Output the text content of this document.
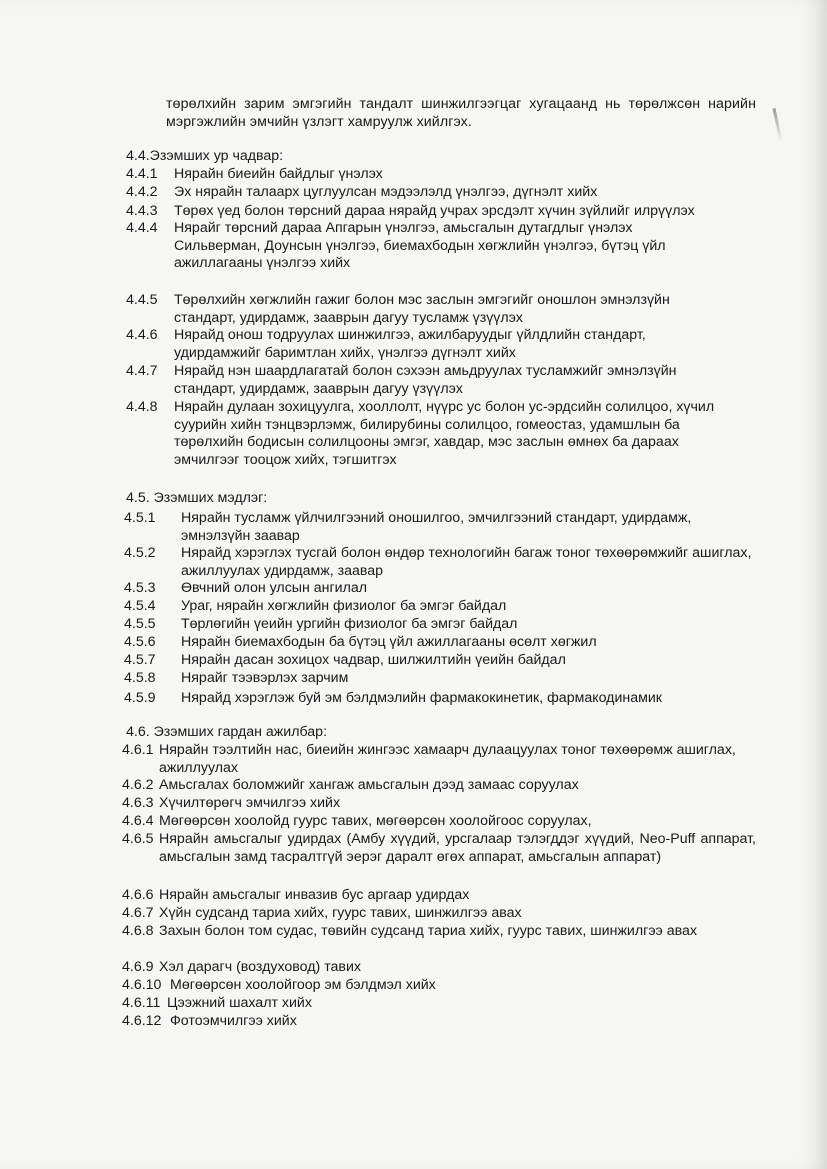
төрөлхийн зарим эмгэгийн тандалт шинжилгээгцаг хугацаанд нь төрөлжсөн нарийн мэргэжлийн эмчийн үзлэгт хамруулж хийлгэх.
4.4.Эзэмших ур чадвар:
4.4.1 Нярайн биеийн байдлыг үнэлэх
4.4.2 Эх нярайн талаарх цуглуулсан мэдээлэлд үнэлгээ, дүгнэлт хийх
4.4.3 Төрөх үед болон төрсний дараа нярайд учрах эрсдэлт хүчин зүйлийг илрүүлэх
4.4.4 Нярайг төрсний дараа Апгарын үнэлгээ, амьсгалын дутагдлыг үнэлэх Сильверман, Доунсын үнэлгээ, биемахбодын хөгжлийн үнэлгээ, бүтэц үйл ажиллагааны үнэлгээ хийх
4.4.5 Төрөлхийн хөгжлийн гажиг болон мэс заслын эмгэгийг оношлон эмнэлзүйн стандарт, удирдамж, зааврын дагуу тусламж үзүүлэх
4.4.6 Нярайд онош тодруулах шинжилгээ, ажилбаруудыг үйлдлийн стандарт, удирдамжийг баримтлан хийх, үнэлгээ дүгнэлт хийх
4.4.7 Нярайд нэн шаардлагатай болон сэхээн амьдруулах тусламжийг эмнэлзүйн стандарт, удирдамж, зааврын дагуу үзүүлэх
4.4.8 Нярайн дулаан зохицуулга, хооллолт, нүүрс ус болон ус-эрдсийн солилцоо, хүчил суурийн хийн тэнцвэрлэмж, билирубины солилцоо, гомеостаз, удамшлын ба төрөлхийн бодисын солилцооны эмгэг, хавдар, мэс заслын өмнөх ба дараах эмчилгээг тооцож хийх, тэгшитгэх
4.5. Эзэмших мэдлэг:
4.5.1 Нярайн тусламж үйлчилгээний оношилгоо, эмчилгээний стандарт, удирдамж, эмнэлзүйн заавар
4.5.2 Нярайд хэрэглэх тусгай болон өндөр технологийн багаж тоног төхөөрөмжийг ашиглах, ажиллуулах удирдамж, заавар
4.5.3 Өвчний олон улсын ангилал
4.5.4 Ураг, нярайн хөгжлийн физиолог ба эмгэг байдал
4.5.5 Төрлөгийн үеийн ургийн физиолог ба эмгэг байдал
4.5.6 Нярайн биемахбодын ба бүтэц үйл ажиллагааны өсөлт хөгжил
4.5.7 Нярайн дасан зохицох чадвар, шилжилтийн үеийн байдал
4.5.8 Нярайг тээвэрлэх зарчим
4.5.9 Нярайд хэрэглэж буй эм бэлдмэлийн фармакокинетик, фармакодинамик
4.6. Эзэмших гардан ажилбар:
4.6.1 Нярайн тээлтийн нас, биеийн жингээс хамаарч дулаацуулах тоног төхөөрөмж ашиглах, ажиллуулах
4.6.2 Амьсгалах боломжийг хангаж амьсгалын дээд замаас соруулах
4.6.3 Хүчилтөрөгч эмчилгээ хийх
4.6.4 Мөгөөрсөн хоолойд гуурс тавих, мөгөөрсөн хоолойгоос соруулах,
4.6.5 Нярайн амьсгалыг удирдах (Амбу хүүдий, урсгалаар тэлэгддэг хүүдий, Neo-Puff аппарат, амьсгалын замд тасралтгүй эерэг даралт өгөх аппарат, амьсгалын аппарат)
4.6.6 Нярайн амьсгалыг инвазив бус аргаар удирдах
4.6.7 Хүйн судсанд тариа хийх, гуурс тавих, шинжилгээ авах
4.6.8 Захын болон том судас, төвийн судсанд тариа хийх, гуурс тавих, шинжилгээ авах
4.6.9 Хэл дарагч (воздуховод) тавих
4.6.10 Мөгөөрсөн хоолойгоор эм бэлдмэл хийх
4.6.11 Цээжний шахалт хийх
4.6.12 Фотоэмчилгээ хийх
